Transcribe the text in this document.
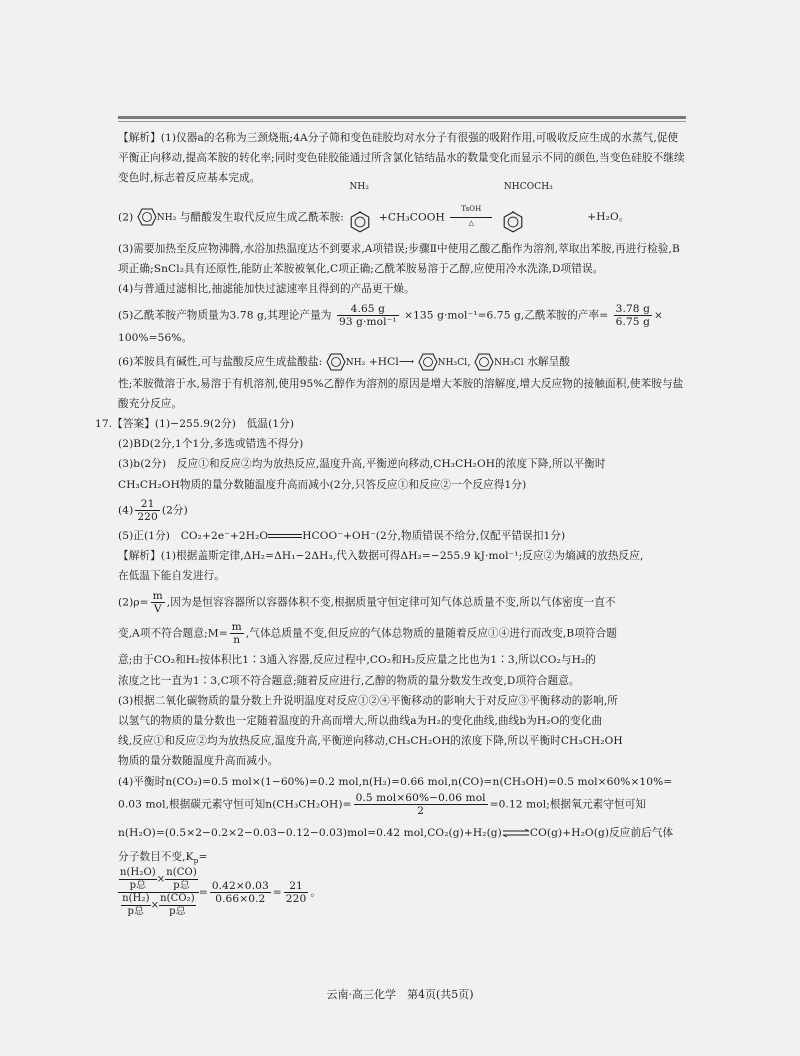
【解析】(1)仪器a的名称为三颈烧瓶;4A分子筛和变色硅胶均对水分子有很强的吸附作用,可吸收反应生成的水蒸气,促使平衡正向移动,提高苯胺的转化率;同时变色硅胶能通过所含氯化钴结晶水的数量变化而显示不同的颜色,当变色硅胶不继续变色时,标志着反应基本完成。

(2)	NH₂ 与醋酸发生取代反应生成乙酰苯胺:
NH₂
+CH₃COOH
TsOH
△

NHCOCH₃
+H₂O。

(3)需要加热至反应物沸腾,水浴加热温度达不到要求,A项错误;步骤Ⅱ中使用乙酸乙酯作为溶剂,萃取出苯胺,再进行检验,B项正确;SnCl₂具有还原性,能防止苯胺被氧化,C项正确;乙酰苯胺易溶于乙醇,应使用冷水洗涤,D项错误。

(4)与普通过滤相比,抽滤能加快过滤速率且得到的产品更干燥。

(5)乙酰苯胺产物质量为3.78 g,其理论产量为 $\frac{4.65 g}{\text{93 g·mol⁻¹}} \times 135$ g·mol⁻¹=6.75 g,乙酰苯胺的产率= $\frac{3.78 g}{6.75 g}$ ×

100%=56%。

(6)苯胺具有碱性,可与盐酸反应生成盐酸盐:	NH₂ +HCl⟶	NH₃Cl,	NH₃Cl 水解呈酸

性;苯胺微溶于水,易溶于有机溶剂,使用95%乙醇作为溶剂的原因是增大苯胺的溶解度,增大反应物的接触面积,使苯胺与盐酸充分反应。

17.【答案】(1)−255.9(2分)　低温(1分)

(2)BD(2分,1个1分,多选或错选不得分)

(3)b(2分)　反应①和反应②均为放热反应,温度升高,平衡逆向移动,CH₃CH₂OH的浓度下降,所以平衡时

CH₃CH₂OH物质的量分数随温度升高而减小(2分,只答反应①和反应②一个反应得1分)

$(4) \frac{21}{220} (2$分)

(5)正(1分)　CO₂+2e⁻+2H₂O	HCOO⁻+OH⁻(2分,物质错误不给分,仅配平错误扣1分)

【解析】(1)根据盖斯定律,ΔH₂=ΔH₁−2ΔH₃,代入数据可得ΔH₂=−255.9 kJ·mol⁻¹;反应②为熵减的放热反应,

在低温下能自发进行。

$(2)\rho= \frac{m}{V}$ ,因为是恒容容器所以容器体积不变,根据质量守恒定律可知气体总质量不变,所以气体密度一直不

变,A项不符合题意;M= $\frac{m}{n}$ ,气体总质量不变,但反应的气体总物质的量随着反应①④进行而改变,B项符合题

意;由于CO₂和H₂按体积比1∶3通入容器,反应过程中,CO₂和H₂反应量之比也为1∶3,所以CO₂与H₂的

浓度之比一直为1∶3,C项不符合题意;随着反应进行,乙醇的物质的量分数发生改变,D项符合题意。

(3)根据二氧化碳物质的量分数上升说明温度对反应①②④平衡移动的影响大于对反应③平衡移动的影响,所

以氢气的物质的量分数也一定随着温度的升高而增大,所以曲线a为H₂的变化曲线,曲线b为H₂O的变化曲

线,反应①和反应②均为放热反应,温度升高,平衡逆向移动,CH₃CH₂OH的浓度下降,所以平衡时CH₃CH₂OH

物质的量分数随温度升高而减小。

(4)平衡时n(CO₂)=0.5 mol×(1−60%)=0.2 mol,n(H₂)=0.66 mol,n(CO)=n(CH₃OH)=0.5 mol×60%×10%=

0.03 mol,根据碳元素守恒可知$n(CH_3CH_2OH)= \frac{\text{0.5 mol×60\%−0.06 mol}}{2} =0.12$ mol;根据氧元素守恒可知

n(H₂O)=(0.5×2−0.2×2−0.03−0.12−0.03)mol=0.42 mol,CO₂(g)+H₂(g)⇌CO(g)+H₂O(g)反应前后气体

分子数目不变$,K_p=$

n(H₂O)
p总×n(CO)
p总
n(H₂)
p总×n(CO₂)
p总= $\frac{0.42\times 0.03}{0.66\times 0.2} = \frac{21}{220}$ 。

云南·高三化学　第4页(共5页)
